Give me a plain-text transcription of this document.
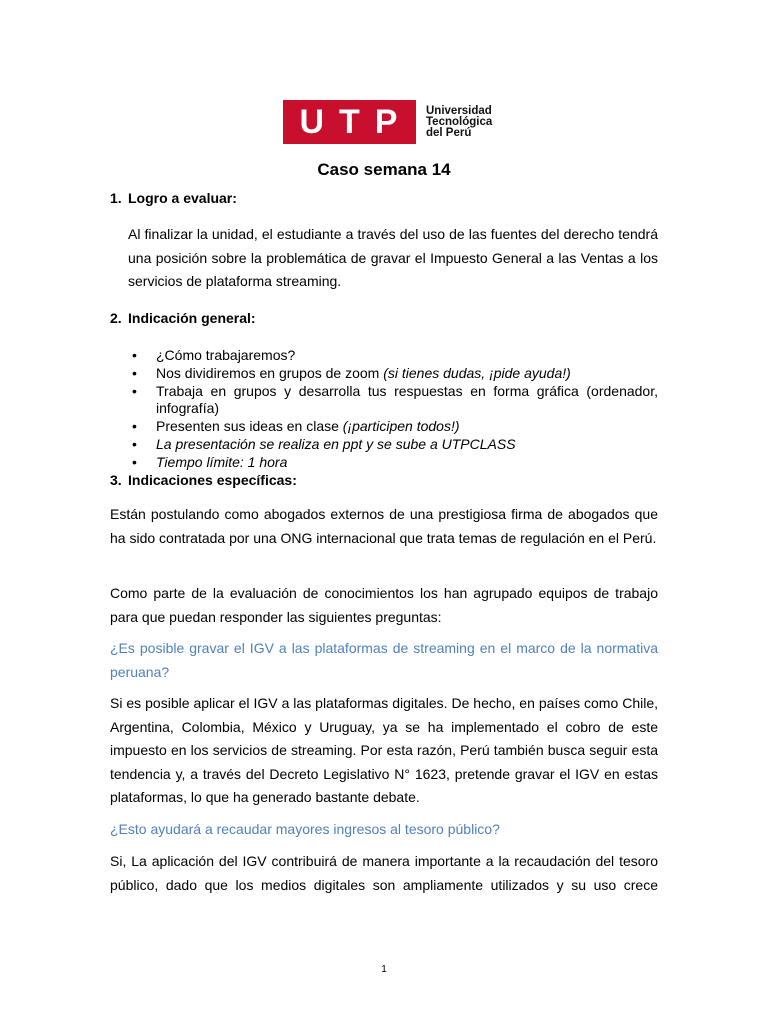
U T P Universidad
Tecnológica
del Perú
Caso semana 14
1. Logro a evaluar:

Al finalizar la unidad, el estudiante a través del uso de las fuentes del derecho tendrá una posición sobre la problemática de gravar el Impuesto General a las Ventas a los servicios de plataforma streaming.

2. Indicación general:
• ¿Cómo trabajaremos?
• Nos dividiremos en grupos de zoom (si tienes dudas, ¡pide ayuda!)
• Trabaja en grupos y desarrolla tus respuestas en forma gráfica (ordenador, infografía)
• Presenten sus ideas en clase (¡participen todos!)
• La presentación se realiza en ppt y se sube a UTPCLASS
• Tiempo límite: 1 hora
3. Indicaciones específicas:

Están postulando como abogados externos de una prestigiosa firma de abogados que ha sido contratada por una ONG internacional que trata temas de regulación en el Perú.

Como parte de la evaluación de conocimientos los han agrupado equipos de trabajo para que puedan responder las siguientes preguntas:

¿Es posible gravar el IGV a las plataformas de streaming en el marco de la normativa peruana?

Si es posible aplicar el IGV a las plataformas digitales. De hecho, en países como Chile, Argentina, Colombia, México y Uruguay, ya se ha implementado el cobro de este impuesto en los servicios de streaming. Por esta razón, Perú también busca seguir esta tendencia y, a través del Decreto Legislativo N° 1623, pretende gravar el IGV en estas plataformas, lo que ha generado bastante debate.

¿Esto ayudará a recaudar mayores ingresos al tesoro público?

Si, La aplicación del IGV contribuirá de manera importante a la recaudación del tesoro público, dado que los medios digitales son ampliamente utilizados y su uso crece

1
